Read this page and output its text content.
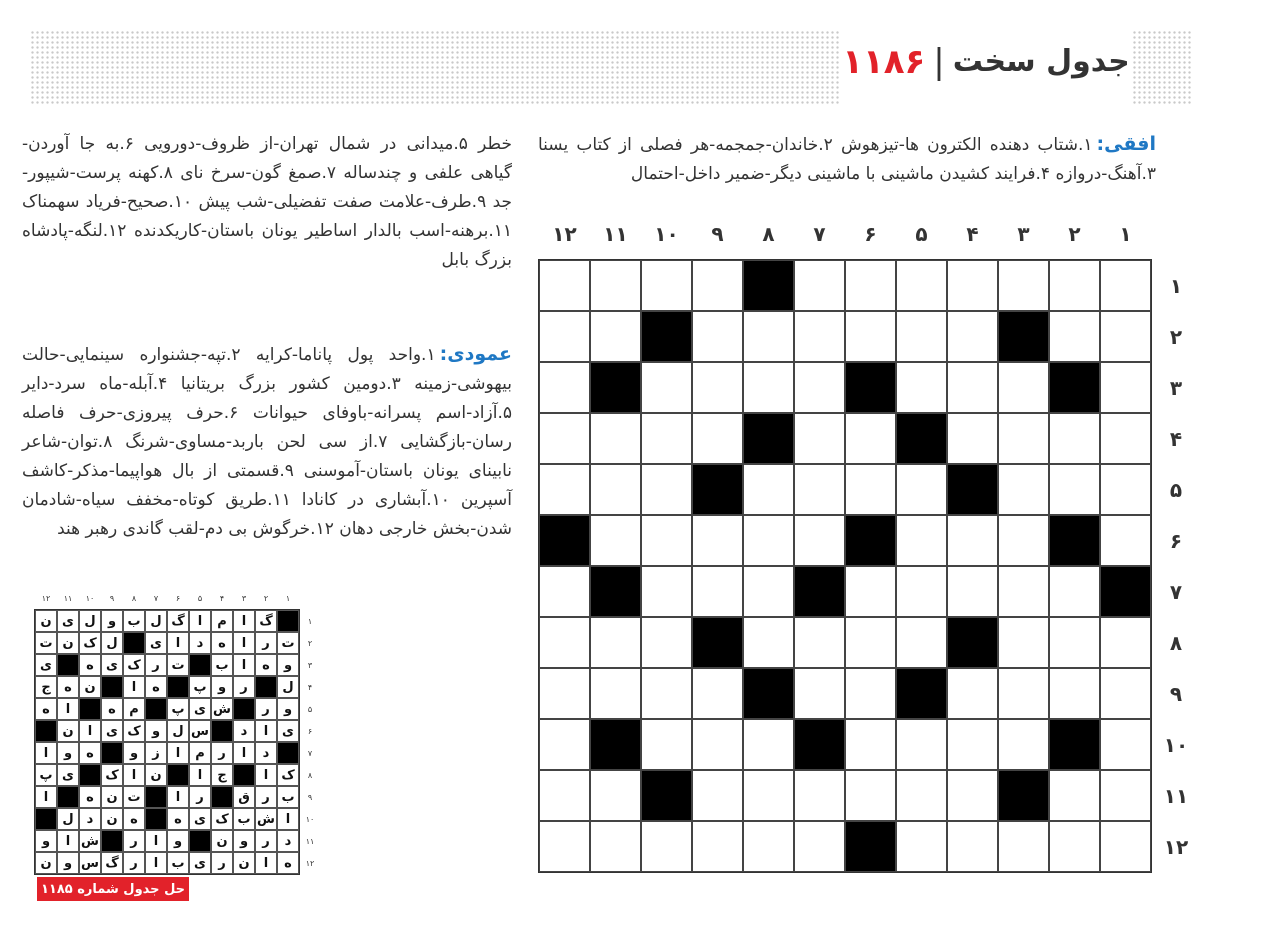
جدول سخت
|
۱۱۸۶
افقی:۱.شتاب دهنده الکترون ها-تیزهوش ۲.خاندان-جمجمه-هر فصلی از کتاب یسنا ۳.آهنگ-دروازه ۴.فرایند کشیدن ماشینی با ماشینی دیگر-ضمیر داخل-احتمال
خطر ۵.میدانی در شمال تهران-از ظروف-دورویی ۶.به جا آوردن-گیاهی علفی و چندساله ۷.صمغ گون-سرخ نای ۸.کهنه پرست-شیپور-جد ۹.طرف-علامت صفت تفضیلی-شب پیش ۱۰.صحیح-فریاد سهمناک ۱۱.برهنه-اسب بالدار اساطیر یونان باستان-کاریکدنده ۱۲.لنگه-پادشاه بزرگ بابل
عمودی:۱.واحد پول پاناما-کرایه ۲.تپه-جشنواره سینمایی-حالت بیهوشی-زمینه ۳.دومین کشور بزرگ بریتانیا ۴.آبله-ماه سرد-دایر ۵.آزاد-اسم پسرانه-باوفای حیوانات ۶.حرف پیروزی-حرف فاصله رسان-بازگشایی ۷.از سی لحن باربد-مساوی-شرنگ ۸.توان-شاعر نابینای یونان باستان-آموسنی ۹.قسمتی از بال هواپیما-مذکر-کاشف آسپرین ۱۰.آبشاری در کانادا ۱۱.طریق کوتاه-مخفف سیاه-شادمان شدن-بخش خارجی دهان ۱۲.خرگوش بی دم-لقب گاندی رهبر هند
۱
۲
۳
۴
۵
۶
۷
۸
۹
۱۰
۱۱
۱۲
۱
۲
۳
۴
۵
۶
۷
۸
۹
۱۰
۱۱
۱۲
۱
۲
۳
۴
۵
۶
۷
۸
۹
۱۰
۱۱
۱۲
۱
۲
۳
۴
۵
۶
۷
۸
۹
۱۰
۱۱
۱۲
گ
ا
م
ا
گ
ل
ب
و
ل
ی
ن
ت
ر
ا
ه
د
ا
ی
ل
ک
ن
ت
و
ه
ا
ب
ت
ر
ک
ی
ه
ی
ل
ر
و
پ
ه
ا
ن
ه
ج
و
ر
ش
ی
پ
م
ه
ا
ه
ی
ا
د
س
ل
و
ک
ی
ا
ن
د
ا
ر
م
ا
ز
و
ه
و
ا
ک
ا
ج
ا
ن
ا
ک
ی
پ
ب
ر
ق
ر
ا
ت
ن
ه
ا
ا
ش
ب
ک
ی
ه
ه
ن
د
ل
د
ر
و
ن
و
ا
ر
ش
ا
و
ه
ا
ن
ر
ی
ب
ا
ر
گ
س
و
ن
حل جدول شماره ۱۱۸۵
